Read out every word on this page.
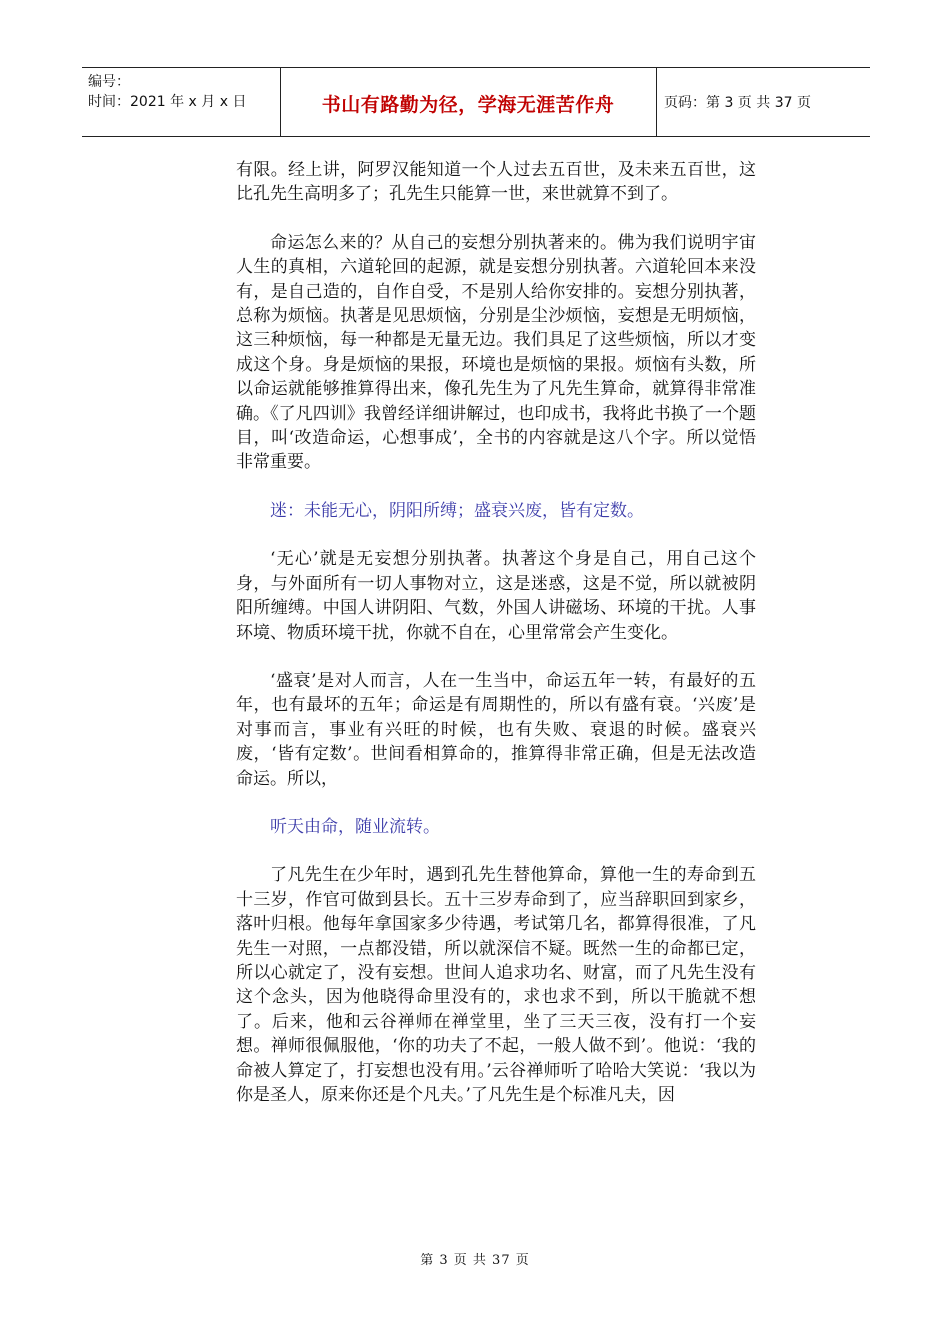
编号：
时间：2021 年 x 月 x 日	书山有路勤为径，学海无涯苦作舟	页码：第 3 页 共 37 页

有限。经上讲，阿罗汉能知道一个人过去五百世，及未来五百世，这比孔先生高明多了；孔先生只能算一世，来世就算不到了。

命运怎么来的？从自己的妄想分别执著来的。佛为我们说明宇宙人生的真相，六道轮回的起源，就是妄想分别执著。六道轮回本来没有，是自己造的，自作自受，不是别人给你安排的。妄想分别执著，总称为烦恼。执著是见思烦恼，分别是尘沙烦恼，妄想是无明烦恼，这三种烦恼，每一种都是无量无边。我们具足了这些烦恼，所以才变成这个身。身是烦恼的果报，环境也是烦恼的果报。烦恼有头数，所以命运就能够推算得出来，像孔先生为了凡先生算命，就算得非常准确。《了凡四训》我曾经详细讲解过，也印成书，我将此书换了一个题目，叫‘改造命运，心想事成’，全书的内容就是这八个字。所以觉悟非常重要。

迷：未能无心，阴阳所缚；盛衰兴废，皆有定数。

‘无心’就是无妄想分别执著。执著这个身是自己，用自己这个身，与外面所有一切人事物对立，这是迷惑，这是不觉，所以就被阴阳所缠缚。中国人讲阴阳、气数，外国人讲磁场、环境的干扰。人事环境、物质环境干扰，你就不自在，心里常常会产生变化。

‘盛衰’是对人而言，人在一生当中，命运五年一转，有最好的五年，也有最坏的五年；命运是有周期性的，所以有盛有衰。‘兴废’是对事而言，事业有兴旺的时候，也有失败、衰退的时候。盛衰兴废，‘皆有定数’。世间看相算命的，推算得非常正确，但是无法改造命运。所以，

听天由命，随业流转。

了凡先生在少年时，遇到孔先生替他算命，算他一生的寿命到五十三岁，作官可做到县长。五十三岁寿命到了，应当辞职回到家乡，落叶归根。他每年拿国家多少待遇，考试第几名，都算得很准，了凡先生一对照，一点都没错，所以就深信不疑。既然一生的命都已定，所以心就定了，没有妄想。世间人追求功名、财富，而了凡先生没有这个念头，因为他晓得命里没有的，求也求不到，所以干脆就不想了。后来，他和云谷禅师在禅堂里，坐了三天三夜，没有打一个妄想。禅师很佩服他，‘你的功夫了不起，一般人做不到’。他说：‘我的命被人算定了，打妄想也没有用。’云谷禅师听了哈哈大笑说：‘我以为你是圣人，原来你还是个凡夫。’了凡先生是个标准凡夫，因

第 3 页 共 37 页
